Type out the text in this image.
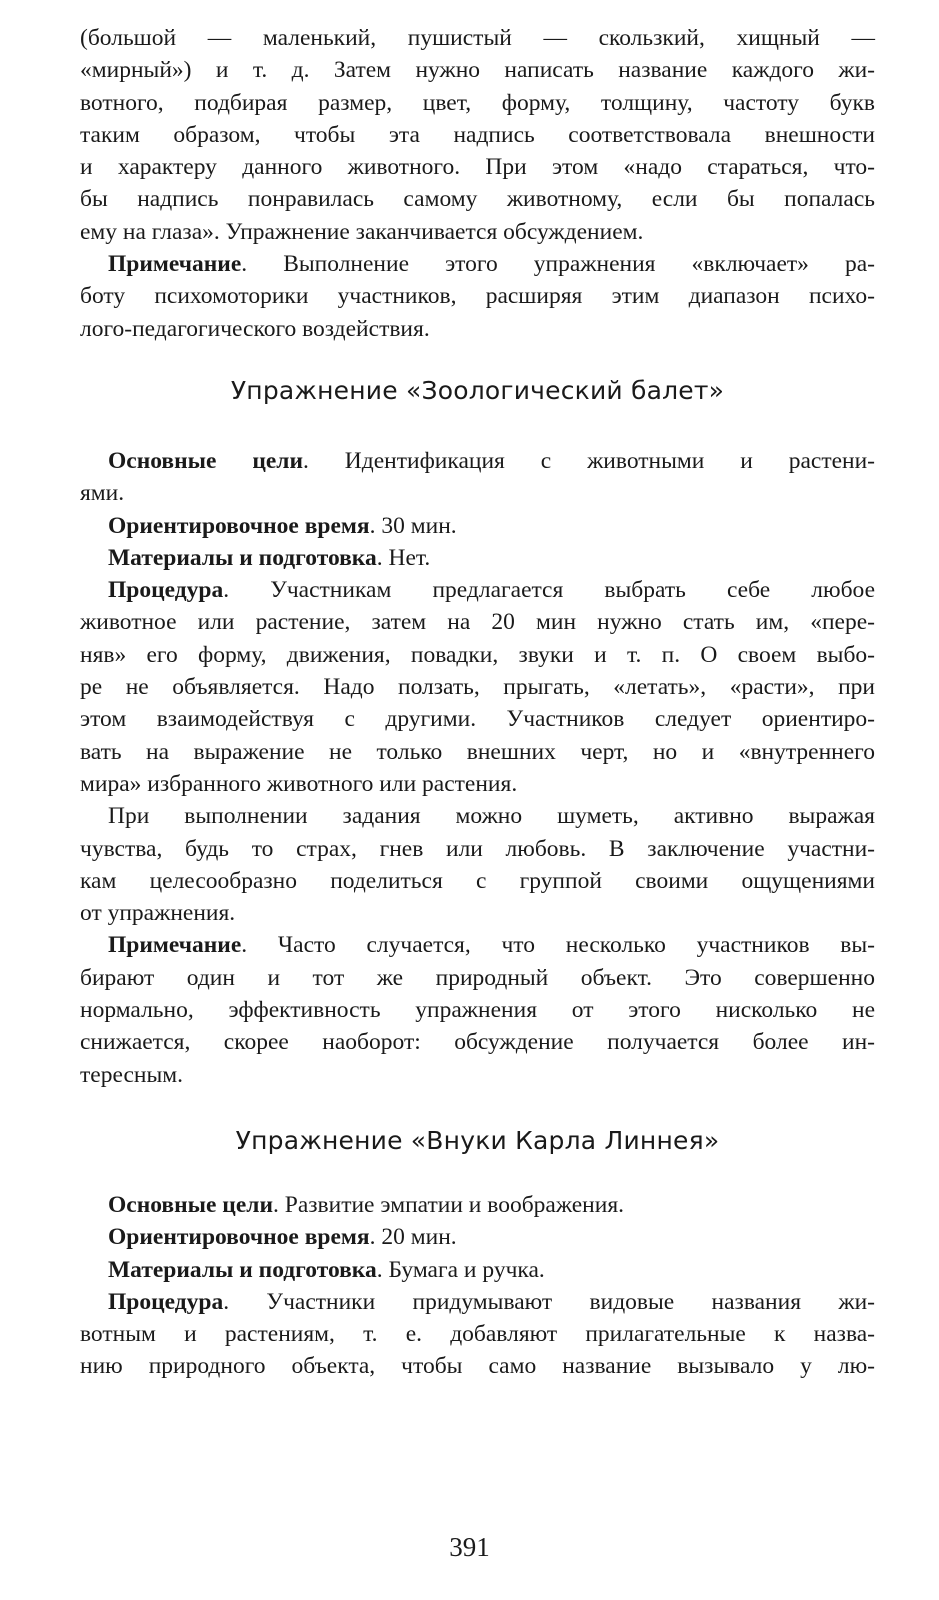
(большой — маленький, пушистый — скользкий, хищный —
«мирный») и т. д. Затем нужно написать название каждого жи-
вотного, подбирая размер, цвет, форму, толщину, частоту букв
таким образом, чтобы эта надпись соответствовала внешности
и характеру данного животного. При этом «надо стараться, что-
бы надпись понравилась самому животному, если бы попалась
ему на глаза». Упражнение заканчивается обсуждением.
Примечание. Выполнение этого упражнения «включает» ра-
боту психомоторики участников, расширяя этим диапазон психо-
лого-педагогического воздействия.
Упражнение «Зоологический балет»
Основные цели. Идентификация с животными и растени-
ями.
Ориентировочное время. 30 мин.
Материалы и подготовка. Нет.
Процедура. Участникам предлагается выбрать себе любое
животное или растение, затем на 20 мин нужно стать им, «пере-
няв» его форму, движения, повадки, звуки и т. п. О своем выбо-
ре не объявляется. Надо ползать, прыгать, «летать», «расти», при
этом взаимодействуя с другими. Участников следует ориентиро-
вать на выражение не только внешних черт, но и «внутреннего
мира» избранного животного или растения.
При выполнении задания можно шуметь, активно выражая
чувства, будь то страх, гнев или любовь. В заключение участни-
кам целесообразно поделиться с группой своими ощущениями
от упражнения.
Примечание. Часто случается, что несколько участников вы-
бирают один и тот же природный объект. Это совершенно
нормально, эффективность упражнения от этого нисколько не
снижается, скорее наоборот: обсуждение получается более ин-
тересным.
Упражнение «Внуки Карла Линнея»
Основные цели. Развитие эмпатии и воображения.
Ориентировочное время. 20 мин.
Материалы и подготовка. Бумага и ручка.
Процедура. Участники придумывают видовые названия жи-
вотным и растениям, т. е. добавляют прилагательные к назва-
нию природного объекта, чтобы само название вызывало у лю-
391
